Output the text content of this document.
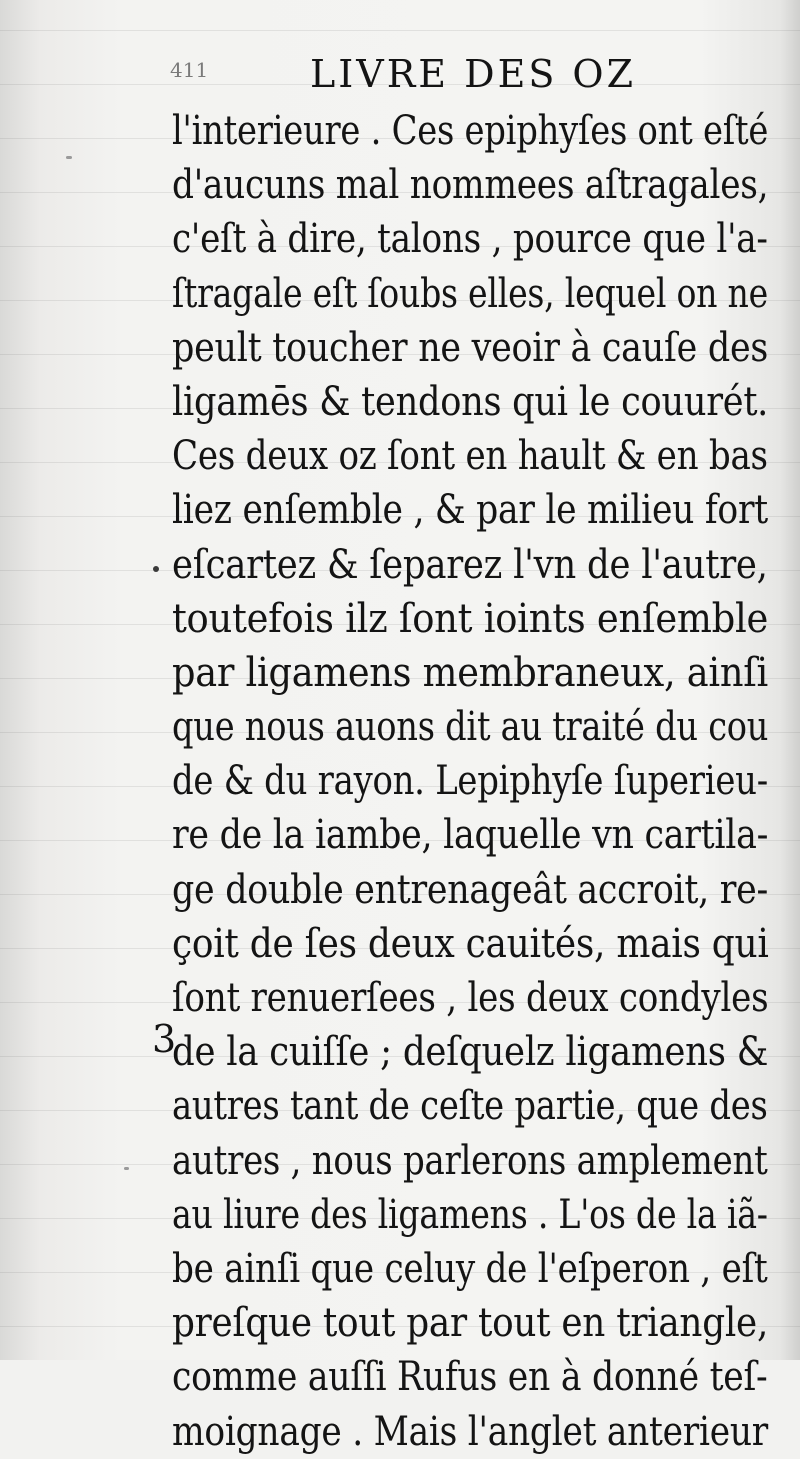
411	LIVRE DES OZ
l'interieure . Ces epiphyſes ont eſté
d'aucuns mal nommees aſtragales,
c'eſt à dire, talons , pource que l'a-
ſtragale eſt ſoubs elles, lequel on ne
peult toucher ne veoir à cauſe des
ligamēs & tendons qui le couurét.
Ces deux oz ſont en hault & en bas
liez enſemble , & par le milieu fort
eſcartez & ſeparez l'vn de l'autre,
toutefois ilz ſont ioints enſemble
par ligamens membraneux, ainſi
que nous auons dit au traité du cou
de & du rayon. Lepiphyſe ſuperieu-
re de la iambe, laquelle vn cartila-
ge double entrenageât accroit, re-
çoit de ſes deux cauités, mais qui
ſont renuerſees , les deux condyles
de la cuiſſe ; deſquelz ligamens &
autres tant de ceſte partie, que des
autres , nous parlerons amplement
au liure des ligamens . L'os de la iã-
be ainſi que celuy de l'eſperon , eſt
preſque tout par tout en triangle,
comme auſſi Rufus en à donné teſ-
moignage . Mais l'anglet anterieur
3
